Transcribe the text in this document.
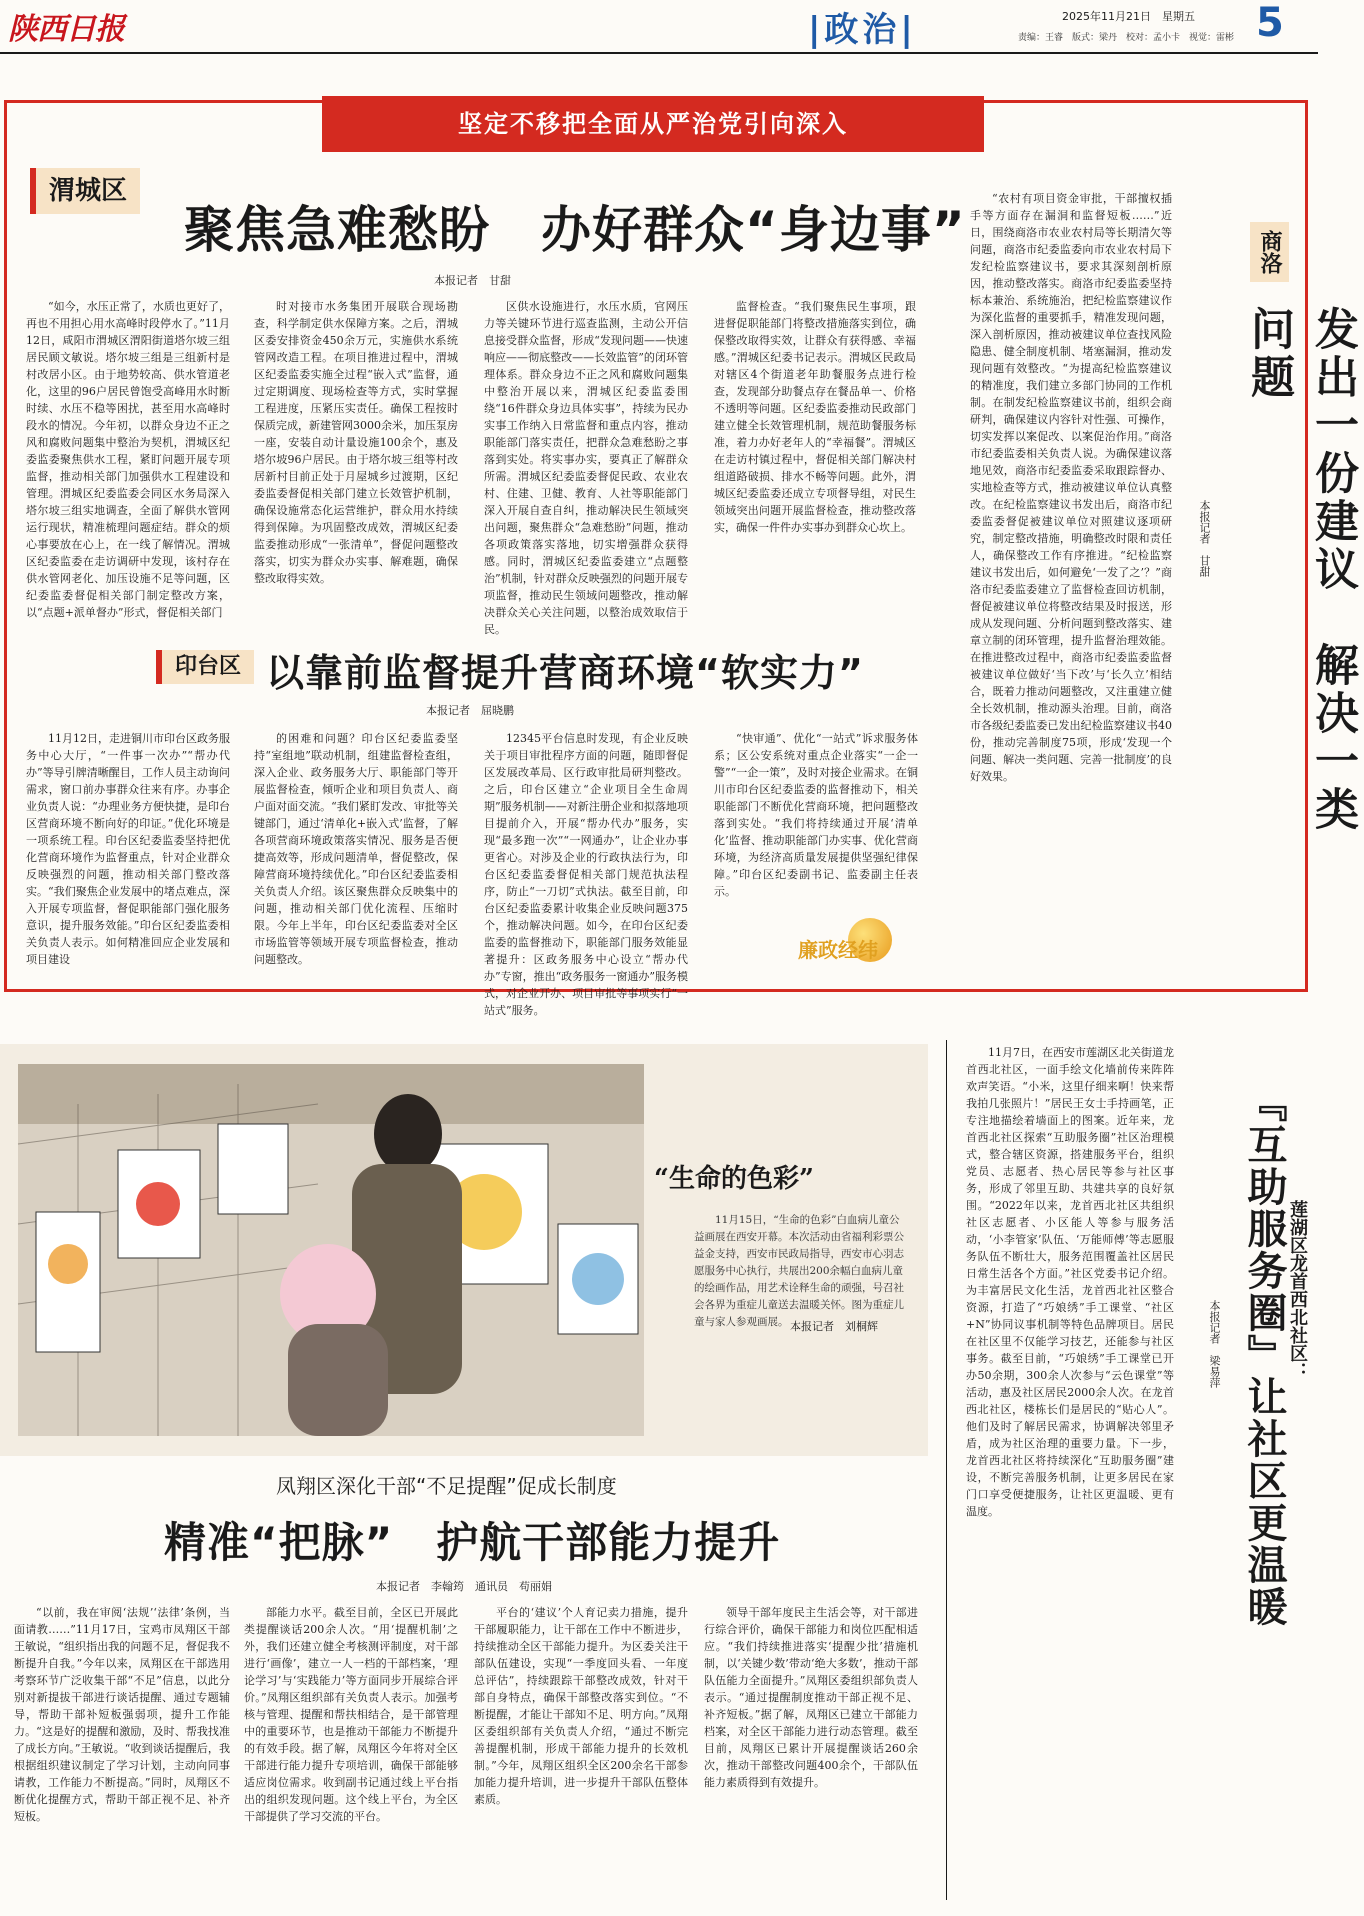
陕西日报	|政治|	2025年11月21日　星期五
责编：王睿　版式：梁丹　校对：孟小卡　视觉：雷彬 5
坚定不移把全面从严治党引向深入
渭城区
聚焦急难愁盼　办好群众“身边事”
本报记者　甘甜

“如今，水压正常了，水质也更好了，再也不用担心用水高峰时段停水了。”11月12日，咸阳市渭城区渭阳街道塔尔坡三组居民顾文敏说。塔尔坡三组是三组新村是村改居小区。由于地势较高、供水管道老化，这里的96户居民曾饱受高峰用水时断时续、水压不稳等困扰，甚至用水高峰时段水的情况。今年初，以群众身边不正之风和腐败问题集中整治为契机，渭城区纪委监委聚焦供水工程，紧盯问题开展专项监督，推动相关部门加强供水工程建设和管理。渭城区纪委监委会同区水务局深入塔尔坡三组实地调查，全面了解供水管网运行现状，精准梳理问题症结。群众的烦心事要放在心上，在一线了解情况。渭城区纪委监委在走访调研中发现，该村存在供水管网老化、加压设施不足等问题，区纪委监委督促相关部门制定整改方案，以“点题+派单督办”形式，督促相关部门

时对接市水务集团开展联合现场勘查，科学制定供水保障方案。之后，渭城区委安排资金450余万元，实施供水系统管网改造工程。在项目推进过程中，渭城区纪委监委实施全过程“嵌入式”监督，通过定期调度、现场检查等方式，实时掌握工程进度，压紧压实责任。确保工程按时保质完成，新建管网3000余米，加压泵房一座，安装自动计量设施100余个，惠及塔尔坡96户居民。由于塔尔坡三组等村改居新村目前正处于月屋城乡过渡期，区纪委监委督促相关部门建立长效管护机制，确保设施常态化运营维护，群众用水持续得到保障。为巩固整改成效，渭城区纪委监委推动形成“一张清单”，督促问题整改落实，切实为群众办实事、解难题，确保整改取得实效。

区供水设施进行，水压水质，官网压力等关键环节进行巡查监测，主动公开信息接受群众监督，形成“发现问题——快速响应——彻底整改——长效监管”的闭环管理体系。群众身边不正之风和腐败问题集中整治开展以来，渭城区纪委监委围绕“16件群众身边具体实事”，持续为民办实事工作纳入日常监督和重点内容，推动职能部门落实责任，把群众急难愁盼之事落到实处。将实事办实，要真正了解群众所需。渭城区纪委监委督促民政、农业农村、住建、卫健、教育、人社等职能部门深入开展自查自纠，推动解决民生领域突出问题，聚焦群众“急难愁盼”问题，推动各项政策落实落地，切实增强群众获得感。同时，渭城区纪委监委建立“点题整治”机制，针对群众反映强烈的问题开展专项监督，推动民生领域问题整改，推动解决群众关心关注问题，以整治成效取信于民。

监督检查。“我们聚焦民生事项，跟进督促职能部门将整改措施落实到位，确保整改取得实效，让群众有获得感、幸福感。”渭城区纪委书记表示。渭城区民政局对辖区4个街道老年助餐服务点进行检查，发现部分助餐点存在餐品单一、价格不透明等问题。区纪委监委推动民政部门建立健全长效管理机制，规范助餐服务标准，着力办好老年人的“幸福餐”。渭城区在走访村镇过程中，督促相关部门解决村组道路破损、排水不畅等问题。此外，渭城区纪委监委还成立专项督导组，对民生领域突出问题开展监督检查，推动整改落实，确保一件件办实事办到群众心坎上。

印台区 以靠前监督提升营商环境“软实力”
本报记者　屈晓鹏

11月12日，走进铜川市印台区政务服务中心大厅，“一件事一次办”“帮办代办”等导引牌清晰醒目，工作人员主动询问需求，窗口前办事群众往来有序。办事企业负责人说：“办理业务方便快捷，是印台区营商环境不断向好的印证。”优化环境是一项系统工程。印台区纪委监委坚持把优化营商环境作为监督重点，针对企业群众反映强烈的问题，推动相关部门整改落实。“我们聚焦企业发展中的堵点难点，深入开展专项监督，督促职能部门强化服务意识，提升服务效能。”印台区纪委监委相关负责人表示。如何精准回应企业发展和项目建设

的困难和问题？印台区纪委监委坚持“室组地”联动机制，组建监督检查组，深入企业、政务服务大厅、职能部门等开展监督检查，倾听企业和项目负责人、商户面对面交流。“我们紧盯发改、审批等关键部门，通过‘清单化+嵌入式’监督，了解各项营商环境政策落实情况、服务是否便捷高效等，形成问题清单，督促整改，保障营商环境持续优化。”印台区纪委监委相关负责人介绍。该区聚焦群众反映集中的问题，推动相关部门优化流程、压缩时限。今年上半年，印台区纪委监委对全区市场监管等领域开展专项监督检查，推动问题整改。

12345平台信息时发现，有企业反映关于项目审批程序方面的问题，随即督促区发展改革局、区行政审批局研判整改。之后，印台区建立“企业项目全生命周期”服务机制——对新注册企业和拟落地项目提前介入，开展“帮办代办”服务，实现“最多跑一次”“一网通办”，让企业办事更省心。对涉及企业的行政执法行为，印台区纪委监委督促相关部门规范执法程序，防止“一刀切”式执法。截至目前，印台区纪委监委累计收集企业反映问题375个，推动解决问题。如今，在印台区纪委监委的监督推动下，职能部门服务效能显著提升：区政务服务中心设立“帮办代办”专窗，推出“政务服务一窗通办”服务模式，对企业开办、项目审批等事项实行“一站式”服务。

“快审通”、优化“一站式”诉求服务体系；区公安系统对重点企业落实“一企一警”“一企一策”，及时对接企业需求。在铜川市印台区纪委监委的监督推动下，相关职能部门不断优化营商环境，把问题整改落到实处。“我们将持续通过开展‘清单化’监督、推动职能部门办实事、优化营商环境，为经济高质量发展提供坚强纪律保障。”印台区纪委副书记、监委副主任表示。

廉政经纬

“农村有项目资金审批，干部擅权插手等方面存在漏洞和监督短板……”近日，围绕商洛市农业农村局等长期清欠等问题，商洛市纪委监委向市农业农村局下发纪检监察建议书，要求其深刻剖析原因，推动整改落实。商洛市纪委监委坚持标本兼治、系统施治，把纪检监察建议作为深化监督的重要抓手，精准发现问题，深入剖析原因，推动被建议单位查找风险隐患、健全制度机制、堵塞漏洞，推动发现问题有效整改。“为提高纪检监察建议的精准度，我们建立多部门协同的工作机制。在制发纪检监察建议书前，组织会商研判，确保建议内容针对性强、可操作，切实发挥以案促改、以案促治作用。”商洛市纪委监委相关负责人说。为确保建议落地见效，商洛市纪委监委采取跟踪督办、实地检查等方式，推动被建议单位认真整改。在纪检监察建议书发出后，商洛市纪委监委督促被建议单位对照建议逐项研究，制定整改措施，明确整改时限和责任人，确保整改工作有序推进。“纪检监察建议书发出后，如何避免‘一发了之’？”商洛市纪委监委建立了监督检查回访机制，督促被建议单位将整改结果及时报送，形成从发现问题、分析问题到整改落实、建章立制的闭环管理，提升监督治理效能。在推进整改过程中，商洛市纪委监委监督被建议单位做好‘当下改’与‘长久立’相结合，既着力推动问题整改，又注重建立健全长效机制，推动源头治理。目前，商洛市各级纪委监委已发出纪检监察建议书40份，推动完善制度75项，形成‘发现一个问题、解决一类问题、完善一批制度’的良好效果。

商洛
发出一份建议　解决一类问题
本报记者　甘甜
“生命的色彩”
11月15日，“生命的色彩”白血病儿童公益画展在西安开幕。本次活动由省福利彩票公益金支持，西安市民政局指导，西安市心羽志愿服务中心执行，共展出200余幅白血病儿童的绘画作品，用艺术诠释生命的顽强，号召社会各界为重症儿童送去温暖关怀。图为重症儿童与家人参观画展。 本报记者　刘桐辉
凤翔区深化干部“不足提醒”促成长制度
精准“把脉”　护航干部能力提升
本报记者　李翰筠　通讯员　苟丽娟

“以前，我在审阅‘法规’‘法律’条例，当面请教……”11月17日，宝鸡市凤翔区干部王敏说，“组织指出我的问题不足，督促我不断提升自我。”今年以来，凤翔区在干部选用考察环节广泛收集干部“不足”信息，以此分别对新提拔干部进行谈话提醒、通过专题辅导，帮助干部补短板强弱项，提升工作能力。“这是好的提醒和激励，及时、帮我找准了成长方向。”王敏说。“收到谈话提醒后，我根据组织建议制定了学习计划，主动向同事请教，工作能力不断提高。”同时，凤翔区不断优化提醒方式，帮助干部正视不足、补齐短板。

部能力水平。截至目前，全区已开展此类提醒谈话200余人次。“用‘提醒机制’之外，我们还建立健全考核测评制度，对干部进行‘画像’，建立一人一档的干部档案，‘理论学习’与‘实践能力’等方面同步开展综合评价。”凤翔区组织部有关负责人表示。加强考核与管理、提醒和帮扶相结合，是干部管理中的重要环节，也是推动干部能力不断提升的有效手段。据了解，凤翔区今年将对全区干部进行能力提升专项培训，确保干部能够适应岗位需求。收到副书记通过线上平台指出的组织发现问题。这个线上平台，为全区干部提供了学习交流的平台。

平台的‘建议’个人育记卖力措施，提升干部履职能力，让干部在工作中不断进步，持续推动全区干部能力提升。为区委关注干部队伍建设，实现“一季度回头看、一年度总评估”，持续跟踪干部整改成效，针对干部自身特点，确保干部整改落实到位。“不断提醒，才能让干部知不足、明方向。”凤翔区委组织部有关负责人介绍，“通过不断完善提醒机制，形成干部能力提升的长效机制。”今年，凤翔区组织全区200余名干部参加能力提升培训，进一步提升干部队伍整体素质。

领导干部年度民主生活会等，对干部进行综合评价，确保干部能力和岗位匹配相适应。“我们持续推进落实‘提醒少批’措施机制，以‘关键少数’带动‘绝大多数’，推动干部队伍能力全面提升。”凤翔区委组织部负责人表示。“通过提醒制度推动干部正视不足、补齐短板。”据了解，凤翔区已建立干部能力档案，对全区干部能力进行动态管理。截至目前，凤翔区已累计开展提醒谈话260余次，推动干部整改问题400余个，干部队伍能力素质得到有效提升。

11月7日，在西安市莲湖区北关街道龙首西北社区，一面手绘文化墙前传来阵阵欢声笑语。“小米，这里仔细来啊！快来帮我拍几张照片！”居民王女士手持画笔，正专注地描绘着墙面上的图案。近年来，龙首西北社区探索“互助服务圈”社区治理模式，整合辖区资源，搭建服务平台，组织党员、志愿者、热心居民等参与社区事务，形成了邻里互助、共建共享的良好氛围。“2022年以来，龙首西北社区共组织社区志愿者、小区能人等参与服务活动，‘小李管家’队伍、‘万能师傅’等志愿服务队伍不断壮大，服务范围覆盖社区居民日常生活各个方面。”社区党委书记介绍。为丰富居民文化生活，龙首西北社区整合资源，打造了“巧娘绣”手工课堂、“社区+N”协同议事机制等特色品牌项目。居民在社区里不仅能学习技艺，还能参与社区事务。截至目前，“巧娘绣”手工课堂已开办50余期，300余人次参与“云色课堂”等活动，惠及社区居民2000余人次。在龙首西北社区，楼栋长们是居民的“贴心人”。他们及时了解居民需求，协调解决邻里矛盾，成为社区治理的重要力量。下一步，龙首西北社区将持续深化“互助服务圈”建设，不断完善服务机制，让更多居民在家门口享受便捷服务，让社区更温暖、更有温度。	『互助服务圈』让社区更温暖 莲湖区龙首西北社区：
本报记者　梁易萍
